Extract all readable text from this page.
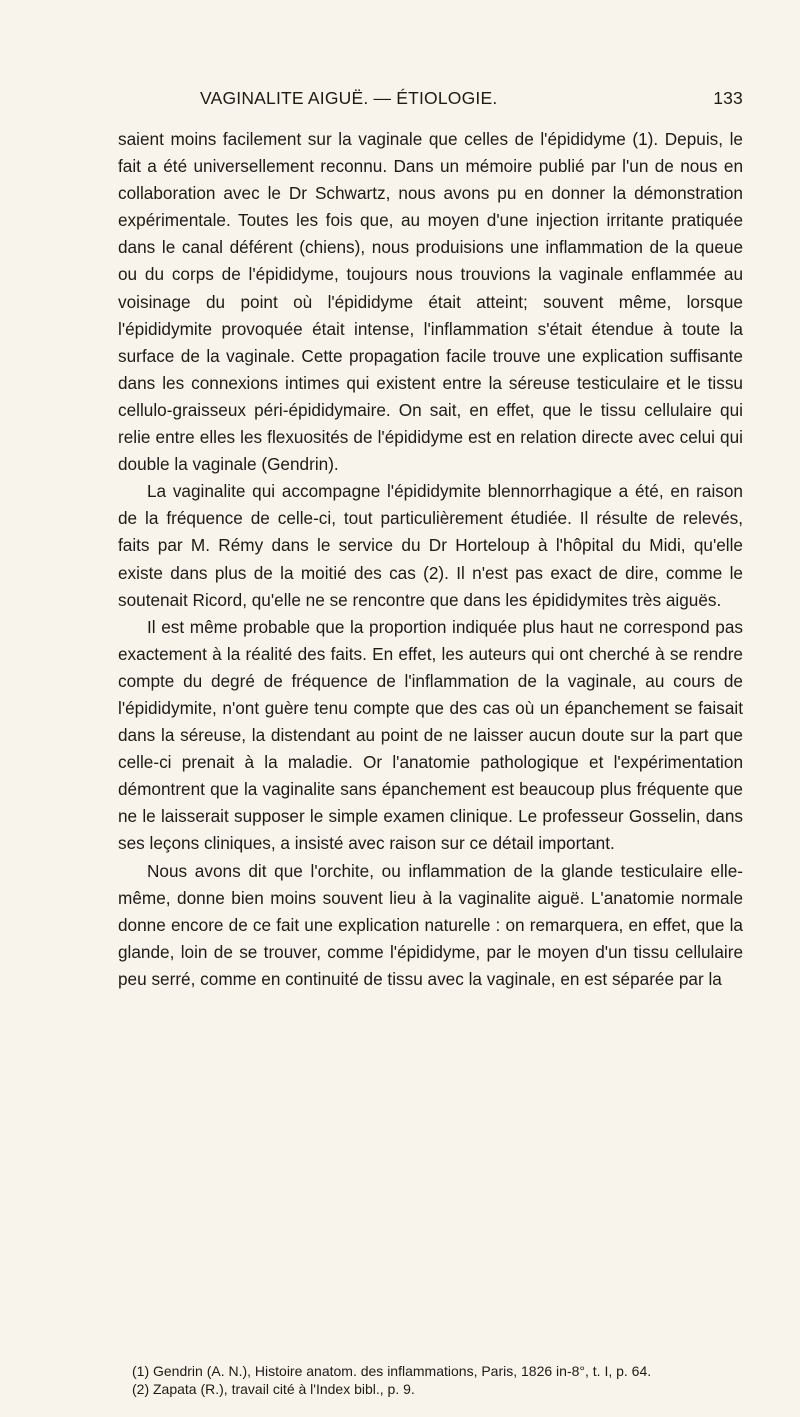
VAGINALITE AIGUË. — ÉTIOLOGIE.	133

saient moins facilement sur la vaginale que celles de l'épididyme (1). Depuis, le fait a été universellement reconnu. Dans un mémoire publié par l'un de nous en collaboration avec le Dr Schwartz, nous avons pu en donner la démonstration expérimentale. Toutes les fois que, au moyen d'une injection irritante pratiquée dans le canal déférent (chiens), nous produisions une inflammation de la queue ou du corps de l'épididyme, toujours nous trouvions la vaginale enflammée au voisinage du point où l'épididyme était atteint; souvent même, lorsque l'épididymite provoquée était intense, l'inflammation s'était étendue à toute la surface de la vaginale. Cette propagation facile trouve une explication suffisante dans les connexions intimes qui existent entre la séreuse testiculaire et le tissu cellulo-graisseux péri-épididymaire. On sait, en effet, que le tissu cellulaire qui relie entre elles les flexuosités de l'épididyme est en relation directe avec celui qui double la vaginale (Gendrin).

La vaginalite qui accompagne l'épididymite blennorrhagique a été, en raison de la fréquence de celle-ci, tout particulièrement étudiée. Il résulte de relevés, faits par M. Rémy dans le service du Dr Horteloup à l'hôpital du Midi, qu'elle existe dans plus de la moitié des cas (2). Il n'est pas exact de dire, comme le soutenait Ricord, qu'elle ne se rencontre que dans les épididymites très aiguës.

Il est même probable que la proportion indiquée plus haut ne correspond pas exactement à la réalité des faits. En effet, les auteurs qui ont cherché à se rendre compte du degré de fréquence de l'inflammation de la vaginale, au cours de l'épididymite, n'ont guère tenu compte que des cas où un épanchement se faisait dans la séreuse, la distendant au point de ne laisser aucun doute sur la part que celle-ci prenait à la maladie. Or l'anatomie pathologique et l'expérimentation démontrent que la vaginalite sans épanchement est beaucoup plus fréquente que ne le laisserait supposer le simple examen clinique. Le professeur Gosselin, dans ses leçons cliniques, a insisté avec raison sur ce détail important.

Nous avons dit que l'orchite, ou inflammation de la glande testiculaire elle-même, donne bien moins souvent lieu à la vaginalite aiguë. L'anatomie normale donne encore de ce fait une explication naturelle : on remarquera, en effet, que la glande, loin de se trouver, comme l'épididyme, par le moyen d'un tissu cellulaire peu serré, comme en continuité de tissu avec la vaginale, en est séparée par la

(1) Gendrin (A. N.), Histoire anatom. des inflammations, Paris, 1826 in-8°, t. I, p. 64.
(2) Zapata (R.), travail cité à l'Index bibl., p. 9.
